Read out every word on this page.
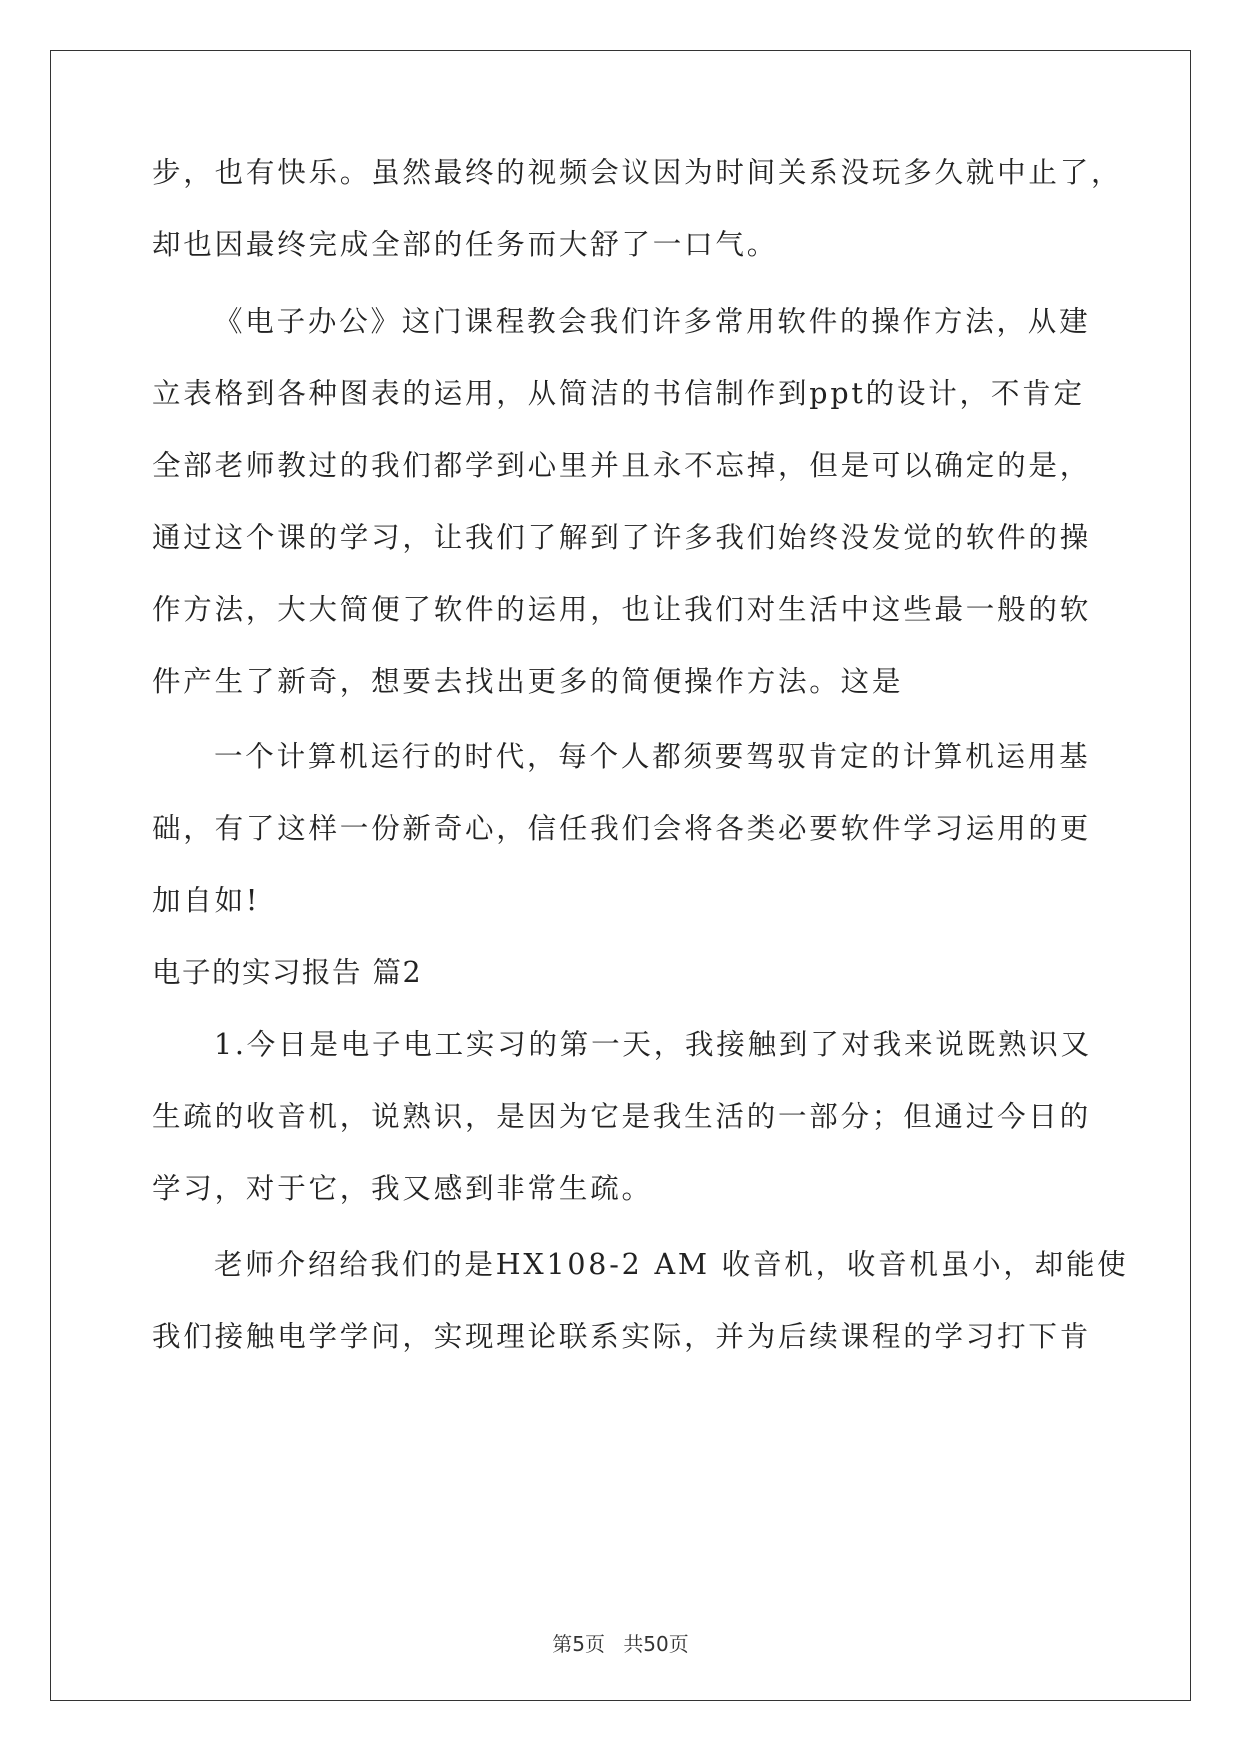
步，也有快乐。虽然最终的视频会议因为时间关系没玩多久就中止了，
却也因最终完成全部的任务而大舒了一口气。
《电子办公》这门课程教会我们许多常用软件的操作方法，从建
立表格到各种图表的运用，从简洁的书信制作到ppt的设计，不肯定
全部老师教过的我们都学到心里并且永不忘掉，但是可以确定的是，
通过这个课的学习，让我们了解到了许多我们始终没发觉的软件的操
作方法，大大简便了软件的运用，也让我们对生活中这些最一般的软
件产生了新奇，想要去找出更多的简便操作方法。这是
一个计算机运行的时代，每个人都须要驾驭肯定的计算机运用基
础，有了这样一份新奇心，信任我们会将各类必要软件学习运用的更
加自如!
电子的实习报告 篇2
1.今日是电子电工实习的第一天，我接触到了对我来说既熟识又
生疏的收音机，说熟识，是因为它是我生活的一部分；但通过今日的
学习，对于它，我又感到非常生疏。
老师介绍给我们的是HX108-2 AM 收音机，收音机虽小，却能使
我们接触电学学问，实现理论联系实际，并为后续课程的学习打下肯
第5页 共50页
